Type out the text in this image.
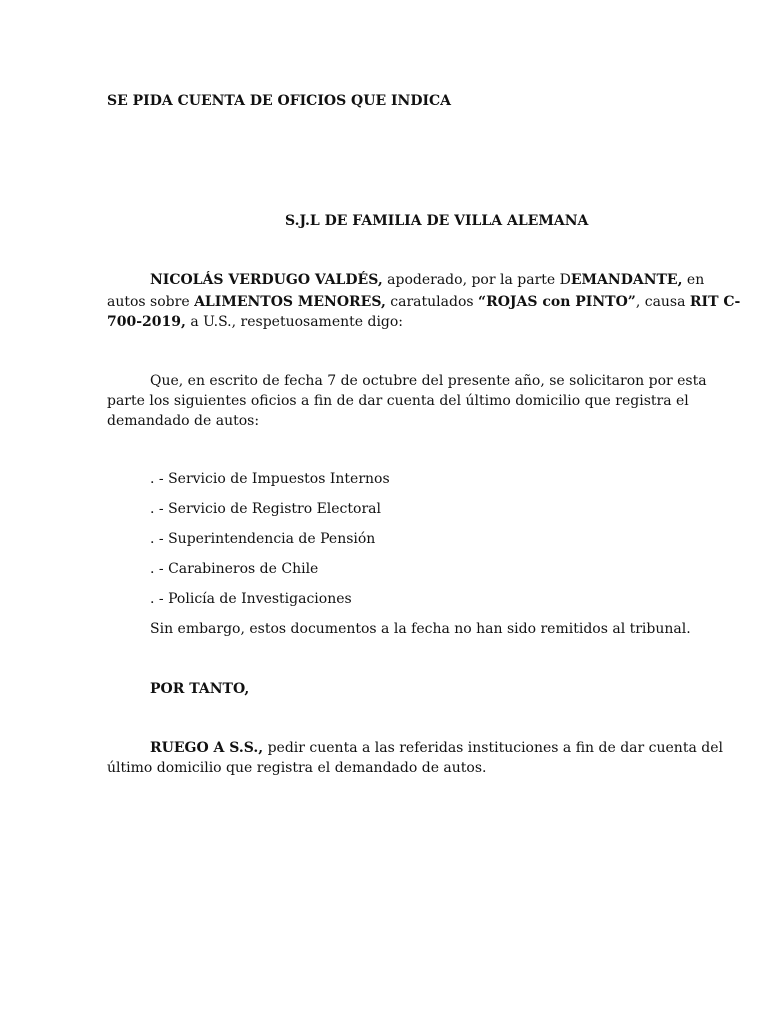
SE PIDA CUENTA DE OFICIOS QUE INDICA
S.J.L DE FAMILIA DE VILLA ALEMANA
NICOLÁS VERDUGO VALDÉS, apoderado, por la parte DEMANDANTE, en
autos sobre ALIMENTOS MENORES, caratulados “ROJAS con PINTO”, causa RIT C-
700-2019, a U.S., respetuosamente digo:
Que, en escrito de fecha 7 de octubre del presente año, se solicitaron por esta
parte los siguientes oficios a fin de dar cuenta del último domicilio que registra el
demandado de autos:
. - Servicio de Impuestos Internos
. - Servicio de Registro Electoral
. - Superintendencia de Pensión
. - Carabineros de Chile
. - Policía de Investigaciones
Sin embargo, estos documentos a la fecha no han sido remitidos al tribunal.
POR TANTO,
RUEGO A S.S., pedir cuenta a las referidas instituciones a fin de dar cuenta del
último domicilio que registra el demandado de autos.
